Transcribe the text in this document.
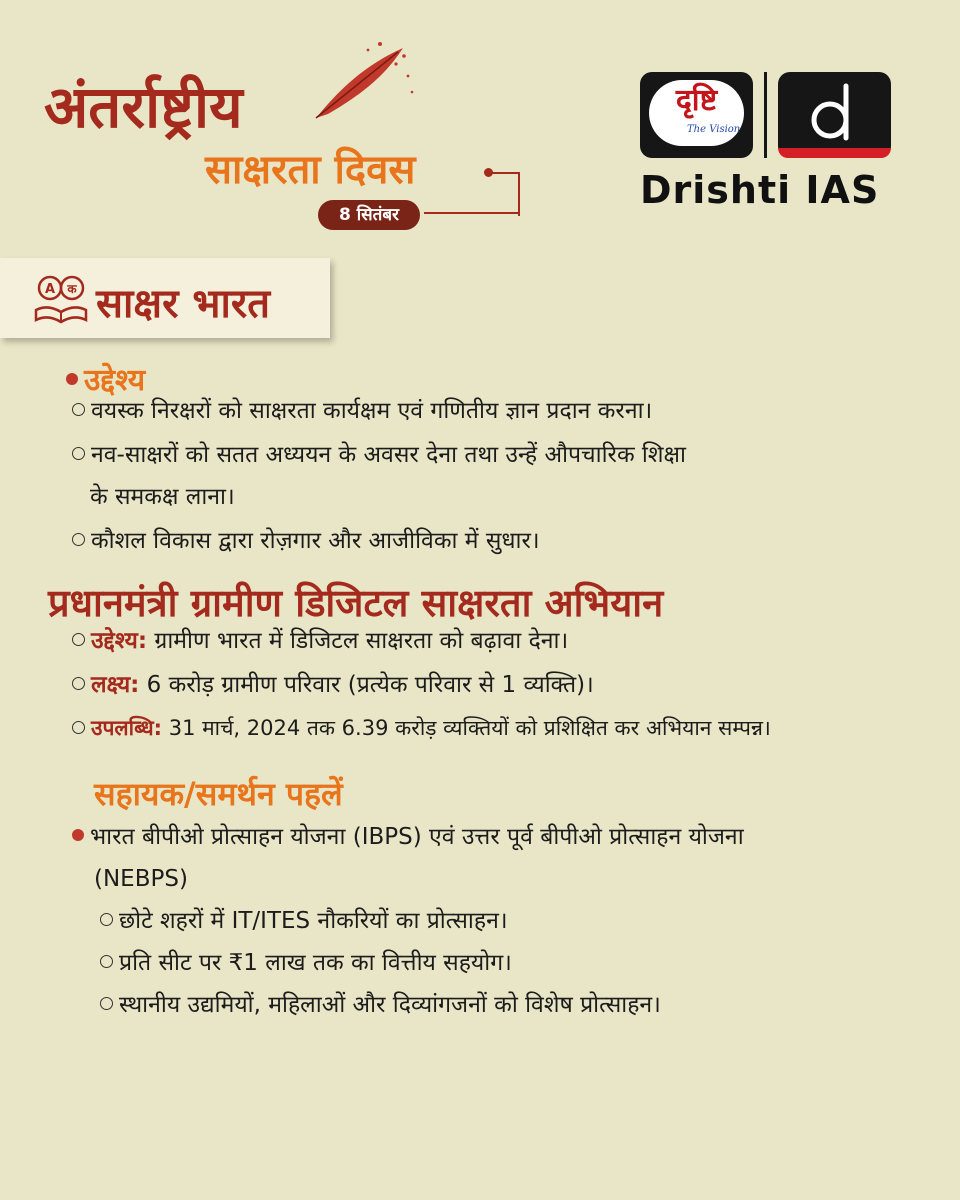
अंतर्राष्ट्रीय
साक्षरता दिवस
8 सितंबर
दृष्टि
The Vision
Drishti IAS
A क साक्षर भारत
उद्देश्य
वयस्क निरक्षरों को साक्षरता कार्यक्षम एवं गणितीय ज्ञान प्रदान करना।
नव-साक्षरों को सतत अध्ययन के अवसर देना तथा उन्हें औपचारिक शिक्षा
के समकक्ष लाना।
कौशल विकास द्वारा रोज़गार और आजीविका में सुधार।
प्रधानमंत्री ग्रामीण डिजिटल साक्षरता अभियान
उद्देश्य: ग्रामीण भारत में डिजिटल साक्षरता को बढ़ावा देना।
लक्ष्य: 6 करोड़ ग्रामीण परिवार (प्रत्येक परिवार से 1 व्यक्ति)।
उपलब्धि: 31 मार्च, 2024 तक 6.39 करोड़ व्यक्तियों को प्रशिक्षित कर अभियान सम्पन्न।
सहायक/समर्थन पहलें
भारत बीपीओ प्रोत्साहन योजना (IBPS) एवं उत्तर पूर्व बीपीओ प्रोत्साहन योजना
(NEBPS)
छोटे शहरों में IT/ITES नौकरियों का प्रोत्साहन।
प्रति सीट पर ₹1 लाख तक का वित्तीय सहयोग।
स्थानीय उद्यमियों, महिलाओं और दिव्यांगजनों को विशेष प्रोत्साहन।
